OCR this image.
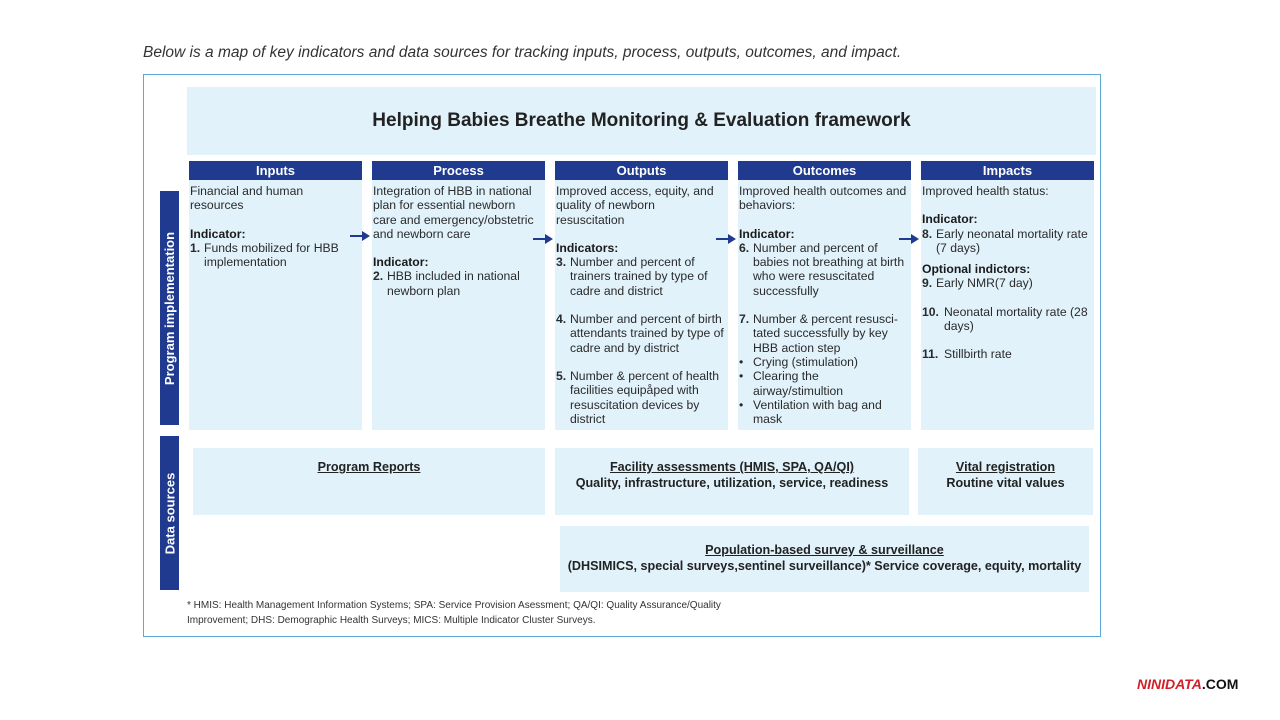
Below is a map of key indicators and data sources for tracking inputs, process, outputs, outcomes, and impact.
Helping Babies Breathe Monitoring & Evaluation framework
Program implementation
Data sources
Inputs

Financial and human resources

Indicator:

1. Funds mobilized for HBB implementation
Process

Integration of HBB in national plan for essential newborn care and emergency/obstetric and newborn care

Indicator:

2. HBB included in national newborn plan
Outputs

Improved access, equity, and quality of newborn resuscitation

Indicators:

3. Number and percent of trainers trained by type of cadre and district
4. Number and percent of birth attendants trained by type of cadre and by district
5. Number & percent of health facilities equipåped with resuscitation devices by district
Outcomes

Improved health outcomes and behaviors:

Indicator:

6. Number and percent of babies not breathing at birth who were resuscitated successfully
7. Number & percent resusci-tated successfully by key HBB action step
• Crying (stimulation)
• Clearing the airway/stimultion
• Ventilation with bag and mask
Impacts

Improved health status:

Indicator:

8. Early neonatal mortality rate (7 days)

Optional indictors:

9. Early NMR(7 day)
10. Neonatal mortality rate (28 days)
11. Stillbirth rate
Program Reports	Facility assessments (HMIS, SPA, QA/QI)
Quality, infrastructure, utilization, service, readiness
Vital registration
Routine vital values
Population-based survey & surveillance
(DHSIMICS, special surveys,sentinel surveillance)* Service coverage, equity, mortality
* HMIS: Health Management Information Systems; SPA: Service Provision Asessment; QA/QI: Quality Assurance/Quality Improvement; DHS: Demographic Health Surveys; MICS: Multiple Indicator Cluster Surveys.
NINIDATA.COM
